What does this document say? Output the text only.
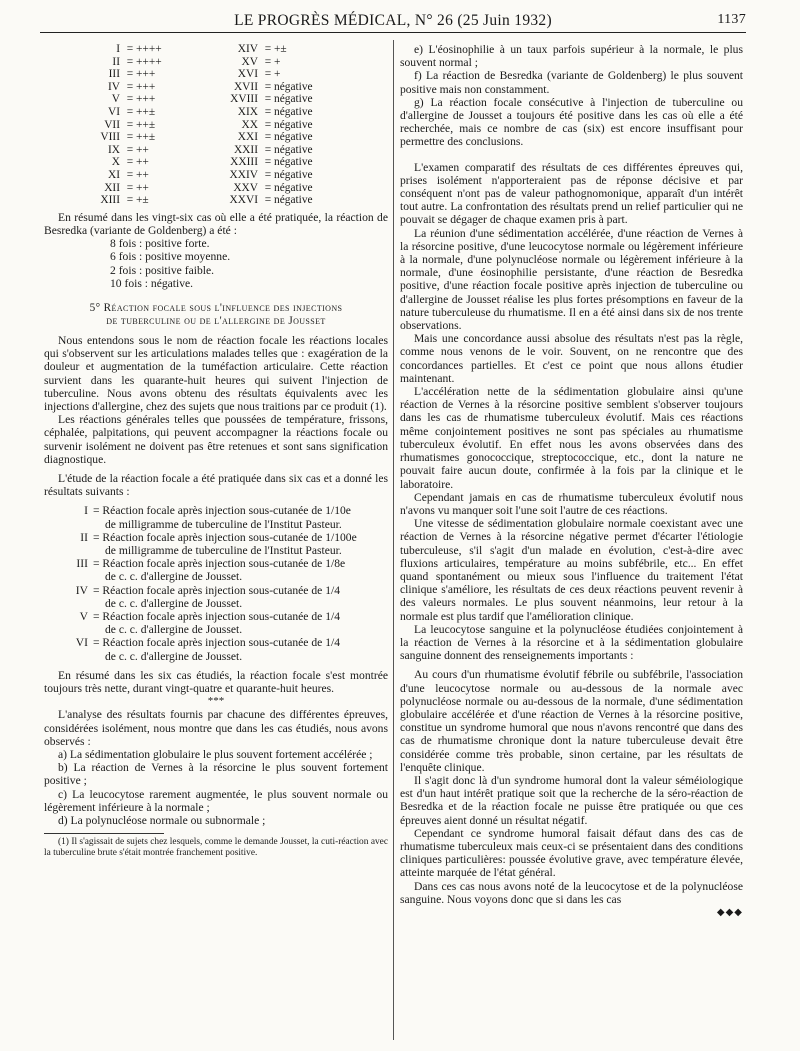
LE PROGRÈS MÉDICAL, N° 26 (25 Juin 1932)	1137
I	=	++++	XIV	=	+±
II	=	++++	XV	=	+
III	=	+++	XVI	=	+
IV	=	+++	XVII	=	négative
V	=	+++	XVIII	=	négative
VI	=	++±	XIX	=	négative
VII	=	++±	XX	=	négative
VIII	=	++±	XXI	=	négative
IX	=	++	XXII	=	négative
X	=	++	XXIII	=	négative
XI	=	++	XXIV	=	négative
XII	=	++	XXV	=	négative
XIII	=	+±	XXVI	=	négative

En résumé dans les vingt-six cas où elle a été pratiquée, la réaction de Besredka (variante de Goldenberg) a été :

8 fois : positive forte.
6 fois : positive moyenne.
2 fois : positive faible.
10 fois : négative.
5° Réaction focale sous l'influence des injections
de tuberculine ou de l'allergine de Jousset

Nous entendons sous le nom de réaction focale les réactions locales qui s'observent sur les articulations malades telles que : exagération de la douleur et augmentation de la tuméfaction articulaire. Cette réaction survient dans les quarante-huit heures qui suivent l'injection de tuberculine. Nous avons obtenu des résultats équivalents avec les injections d'allergine, chez des sujets que nous traitions par ce produit (1).

Les réactions générales telles que poussées de température, frissons, céphalée, palpitations, qui peuvent accompagner la réactions focale ou survenir isolément ne doivent pas être retenues et sont sans signification diagnostique.

L'étude de la réaction focale a été pratiquée dans six cas et a donné les résultats suivants :

I = Réaction focale après injection sous-cutanée de 1/10e
de milligramme de tuberculine de l'Institut Pasteur.
II = Réaction focale après injection sous-cutanée de 1/100e
de milligramme de tuberculine de l'Institut Pasteur.
III = Réaction focale après injection sous-cutanée de 1/8e
de c. c. d'allergine de Jousset.
IV = Réaction focale après injection sous-cutanée de 1/4
de c. c. d'allergine de Jousset.
V = Réaction focale après injection sous-cutanée de 1/4
de c. c. d'allergine de Jousset.
VI = Réaction focale après injection sous-cutanée de 1/4
de c. c. d'allergine de Jousset.

En résumé dans les six cas étudiés, la réaction focale s'est montrée toujours très nette, durant vingt-quatre et quarante-huit heures.

***

L'analyse des résultats fournis par chacune des différentes épreuves, considérées isolément, nous montre que dans les cas étudiés, nous avons observés :

a) La sédimentation globulaire le plus souvent fortement accélérée ;

b) La réaction de Vernes à la résorcine le plus souvent fortement positive ;

c) La leucocytose rarement augmentée, le plus souvent normale ou légèrement inférieure à la normale ;

d) La polynucléose normale ou subnormale ;

(1) Il s'agissait de sujets chez lesquels, comme le demande Jousset, la cuti-réaction avec la tuberculine brute s'était montrée franchement positive.

e) L'éosinophilie à un taux parfois supérieur à la normale, le plus souvent normal ;

f) La réaction de Besredka (variante de Goldenberg) le plus souvent positive mais non constamment.

g) La réaction focale consécutive à l'injection de tuberculine ou d'allergine de Jousset a toujours été positive dans les cas où elle a été recherchée, mais ce nombre de cas (six) est encore insuffisant pour permettre des conclusions.

L'examen comparatif des résultats de ces différentes épreuves qui, prises isolément n'apporteraient pas de réponse décisive et par conséquent n'ont pas de valeur pathognomonique, apparaît d'un intérêt tout autre. La confrontation des résultats prend un relief particulier qui ne pouvait se dégager de chaque examen pris à part.

La réunion d'une sédimentation accélérée, d'une réaction de Vernes à la résorcine positive, d'une leucocytose normale ou légèrement inférieure à la normale, d'une polynucléose normale ou légèrement inférieure à la normale, d'une éosinophilie persistante, d'une réaction de Besredka positive, d'une réaction focale positive après injection de tuberculine ou d'allergine de Jousset réalise les plus fortes présomptions en faveur de la nature tuberculeuse du rhumatisme. Il en a été ainsi dans six de nos trente observations.

Mais une concordance aussi absolue des résultats n'est pas la règle, comme nous venons de le voir. Souvent, on ne rencontre que des concordances partielles. Et c'est ce point que nous allons étudier maintenant.

L'accélération nette de la sédimentation globulaire ainsi qu'une réaction de Vernes à la résorcine positive semblent s'observer toujours dans les cas de rhumatisme tuberculeux évolutif. Mais ces réactions même conjointement positives ne sont pas spéciales au rhumatisme tuberculeux évolutif. En effet nous les avons observées dans des rhumatismes gonococcique, streptococcique, etc., dont la nature ne pouvait faire aucun doute, confirmée à la fois par la clinique et le laboratoire.

Cependant jamais en cas de rhumatisme tuberculeux évolutif nous n'avons vu manquer soit l'une soit l'autre de ces réactions.

Une vitesse de sédimentation globulaire normale coexistant avec une réaction de Vernes à la résorcine négative permet d'écarter l'étiologie tuberculeuse, s'il s'agit d'un malade en évolution, c'est-à-dire avec fluxions articulaires, température au moins subfébrile, etc... En effet quand spontanément ou mieux sous l'influence du traitement l'état clinique s'améliore, les résultats de ces deux réactions peuvent revenir à des valeurs normales. Le plus souvent néanmoins, leur retour à la normale est plus tardif que l'amélioration clinique.

La leucocytose sanguine et la polynucléose étudiées conjointement à la réaction de Vernes à la résorcine et à la sédimentation globulaire sanguine donnent des renseignements importants :

Au cours d'un rhumatisme évolutif fébrile ou subfébrile, l'association d'une leucocytose normale ou au-dessous de la normale avec polynucléose normale ou au-dessous de la normale, d'une sédimentation globulaire accélérée et d'une réaction de Vernes à la résorcine positive, constitue un syndrome humoral que nous n'avons rencontré que dans des cas de rhumatisme chronique dont la nature tuberculeuse devait être considérée comme très probable, sinon certaine, par les résultats de l'enquête clinique.

Il s'agit donc là d'un syndrome humoral dont la valeur séméiologique est d'un haut intérêt pratique soit que la recherche de la séro-réaction de Besredka et de la réaction focale ne puisse être pratiquée ou que ces épreuves aient donné un résultat négatif.

Cependant ce syndrome humoral faisait défaut dans des cas de rhumatisme tuberculeux mais ceux-ci se présentaient dans des conditions cliniques particulières: poussée évolutive grave, avec température élevée, atteinte marquée de l'état général.

Dans ces cas nous avons noté de la leucocytose et de la polynucléose sanguine. Nous voyons donc que si dans les cas

◆◆◆
